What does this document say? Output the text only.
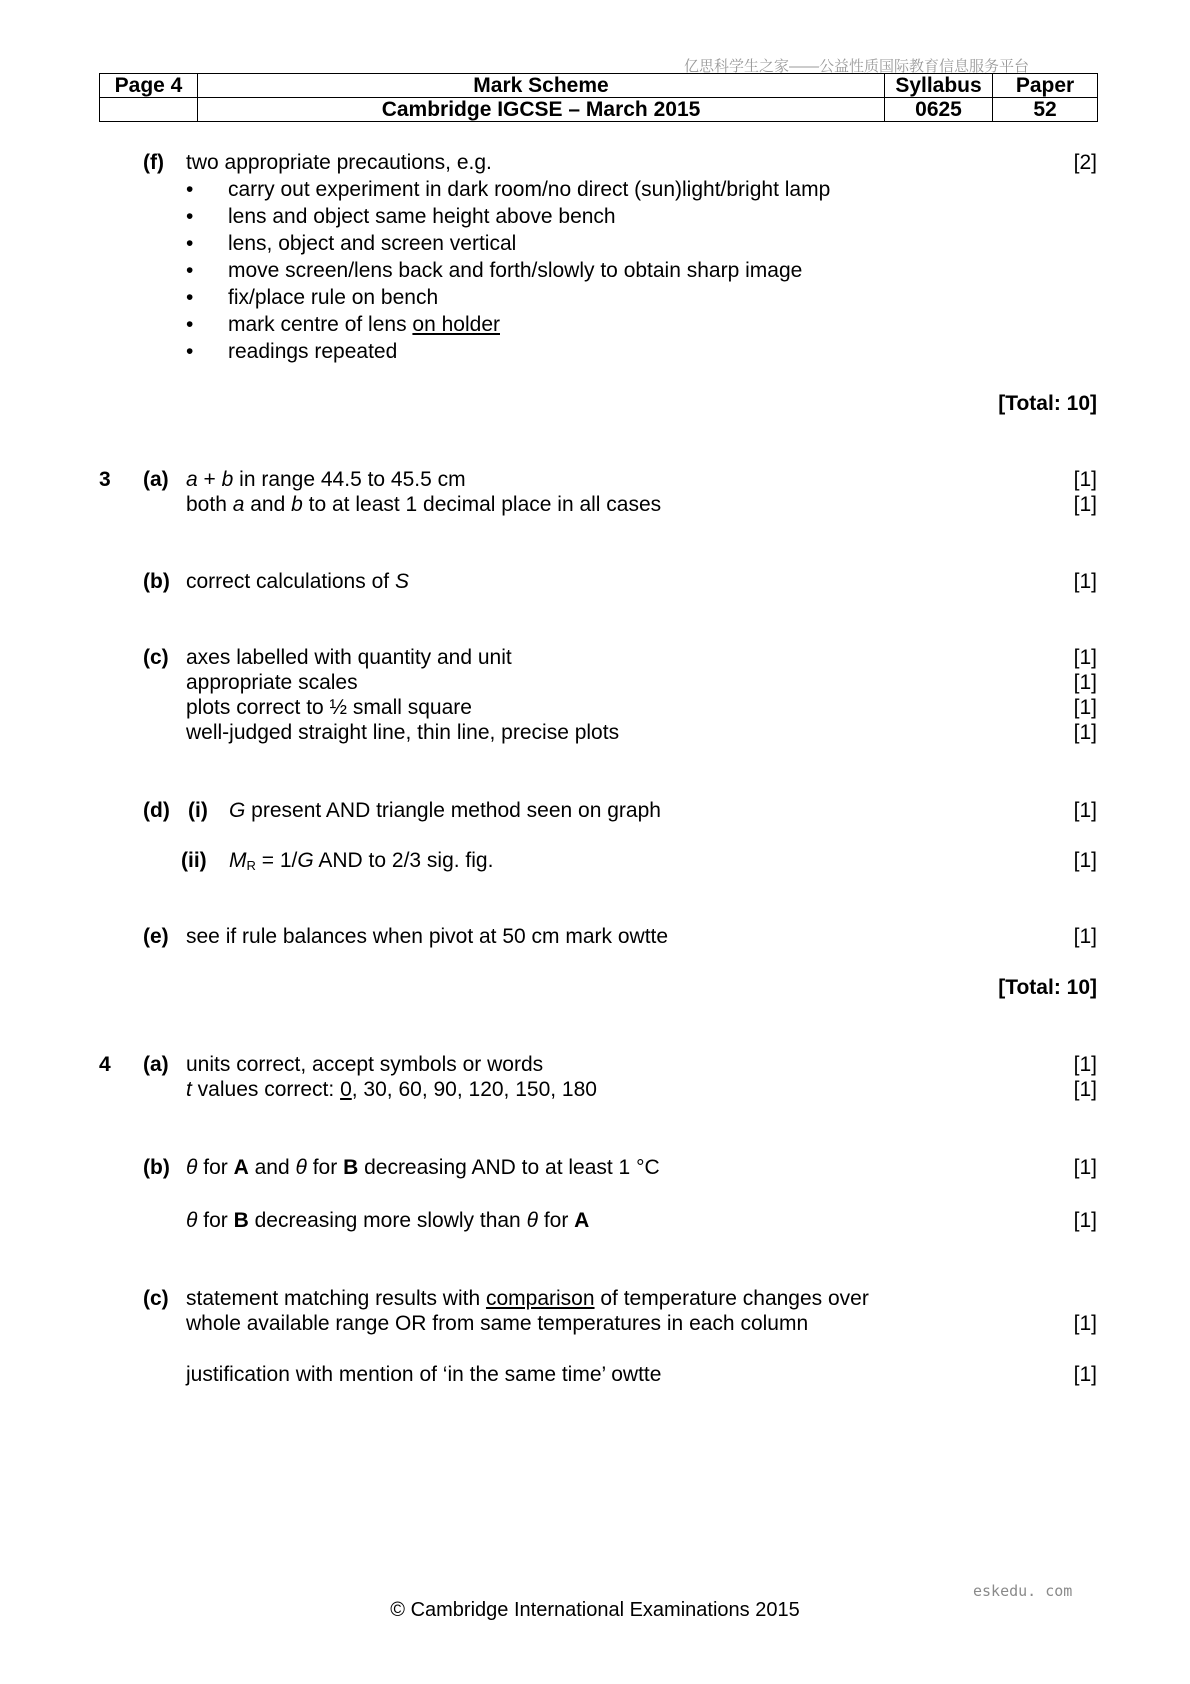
亿思科学生之家——公益性质国际教育信息服务平台
Page 4	Mark Scheme	Syllabus	Paper
	Cambridge IGCSE – March 2015	0625	52
(f) two appropriate precautions, e.g.	[2]
• carry out experiment in dark room/no direct (sun)light/bright lamp
• lens and object same height above bench
• lens, object and screen vertical
• move screen/lens back and forth/slowly to obtain sharp image
• fix/place rule on bench
• mark centre of lens on holder
• readings repeated
[Total: 10]
3 (a) a + b in range 44.5 to 45.5 cm	[1]
both a and b to at least 1 decimal place in all cases	[1]
(b) correct calculations of S	[1]
(c) axes labelled with quantity and unit	[1]
appropriate scales	[1]
plots correct to ½ small square	[1]
well-judged straight line, thin line, precise plots	[1]
(d) (i) G present AND triangle method seen on graph	[1]
(ii) $M_R = 1/G$ AND to 2/3 sig. fig.	[1]
(e) see if rule balances when pivot at 50 cm mark owtte	[1]
[Total: 10]
4 (a) units correct, accept symbols or words	[1]
t values correct: 0, 30, 60, 90, 120, 150, 180	[1]
(b) θ for A and θ for B decreasing AND to at least 1 °C	[1]
θ for B decreasing more slowly than θ for A	[1]
(c) statement matching results with comparison of temperature changes over
whole available range OR from same temperatures in each column	[1]
justification with mention of ‘in the same time’ owtte	[1]
eskedu. com
© Cambridge International Examinations 2015
